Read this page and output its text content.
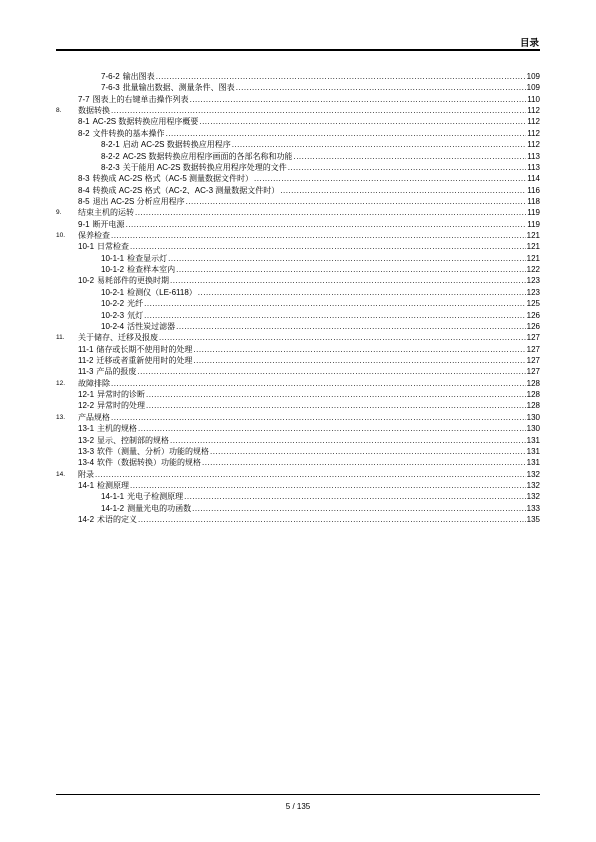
目录
7-6-2 输出图表 .....	109
7-6-3 批量输出数据、测量条件、图表 .....	109
7-7 图表上的右键单击操作列表 .....	110
8.	数据转换 .....	112
8-1 AC-2S 数据转换应用程序概要 .....	112
8-2 文件转换的基本操作 .....	112
8-2-1 启动 AC-2S 数据转换应用程序 .....	112
8-2-2 AC-2S 数据转换应用程序画面的各部名称和功能 .....	113
8-2-3 关于能用 AC-2S 数据转换应用程序处理的文件 .....	113
8-3 转换成 AC-2S 格式（AC-5 测量数据文件时） .....	114
8-4 转换成 AC-2S 格式（AC-2、AC-3 测量数据文件时） .....	116
8-5 退出 AC-2S 分析应用程序 .....	118
9.	结束主机的运转 .....	119
9-1 断开电源 .....	119
10.	保养检查 .....	121
10-1 日常检查 .....	121
10-1-1 检查显示灯 .....	121
10-1-2 检查样本室内 .....	122
10-2 易耗部件的更换时期 .....	123
10-2-1 检测仪（LE-6118） .....	123
10-2-2 光纤 .....	125
10-2-3 氘灯 .....	126
10-2-4 活性炭过滤器 .....	126
11.	关于储存、迁移及报废 .....	127
11-1 储存或长期不使用时的处理 .....	127
11-2 迁移或者重新使用时的处理 .....	127
11-3 产品的报废 .....	127
12.	故障排除 .....	128
12-1 异常时的诊断 .....	128
12-2 异常时的处理 .....	128
13.	产品规格 .....	130
13-1 主机的规格 .....	130
13-2 显示、控制部的规格 .....	131
13-3 软件（测量、分析）功能的规格 .....	131
13-4 软件（数据转换）功能的规格 .....	131
14.	附录 .....	132
14-1 检测原理 .....	132
14-1-1 光电子检测原理 .....	132
14-1-2 测量光电的功函数 .....	133
14-2 术语的定义 .....	135
5 / 135
